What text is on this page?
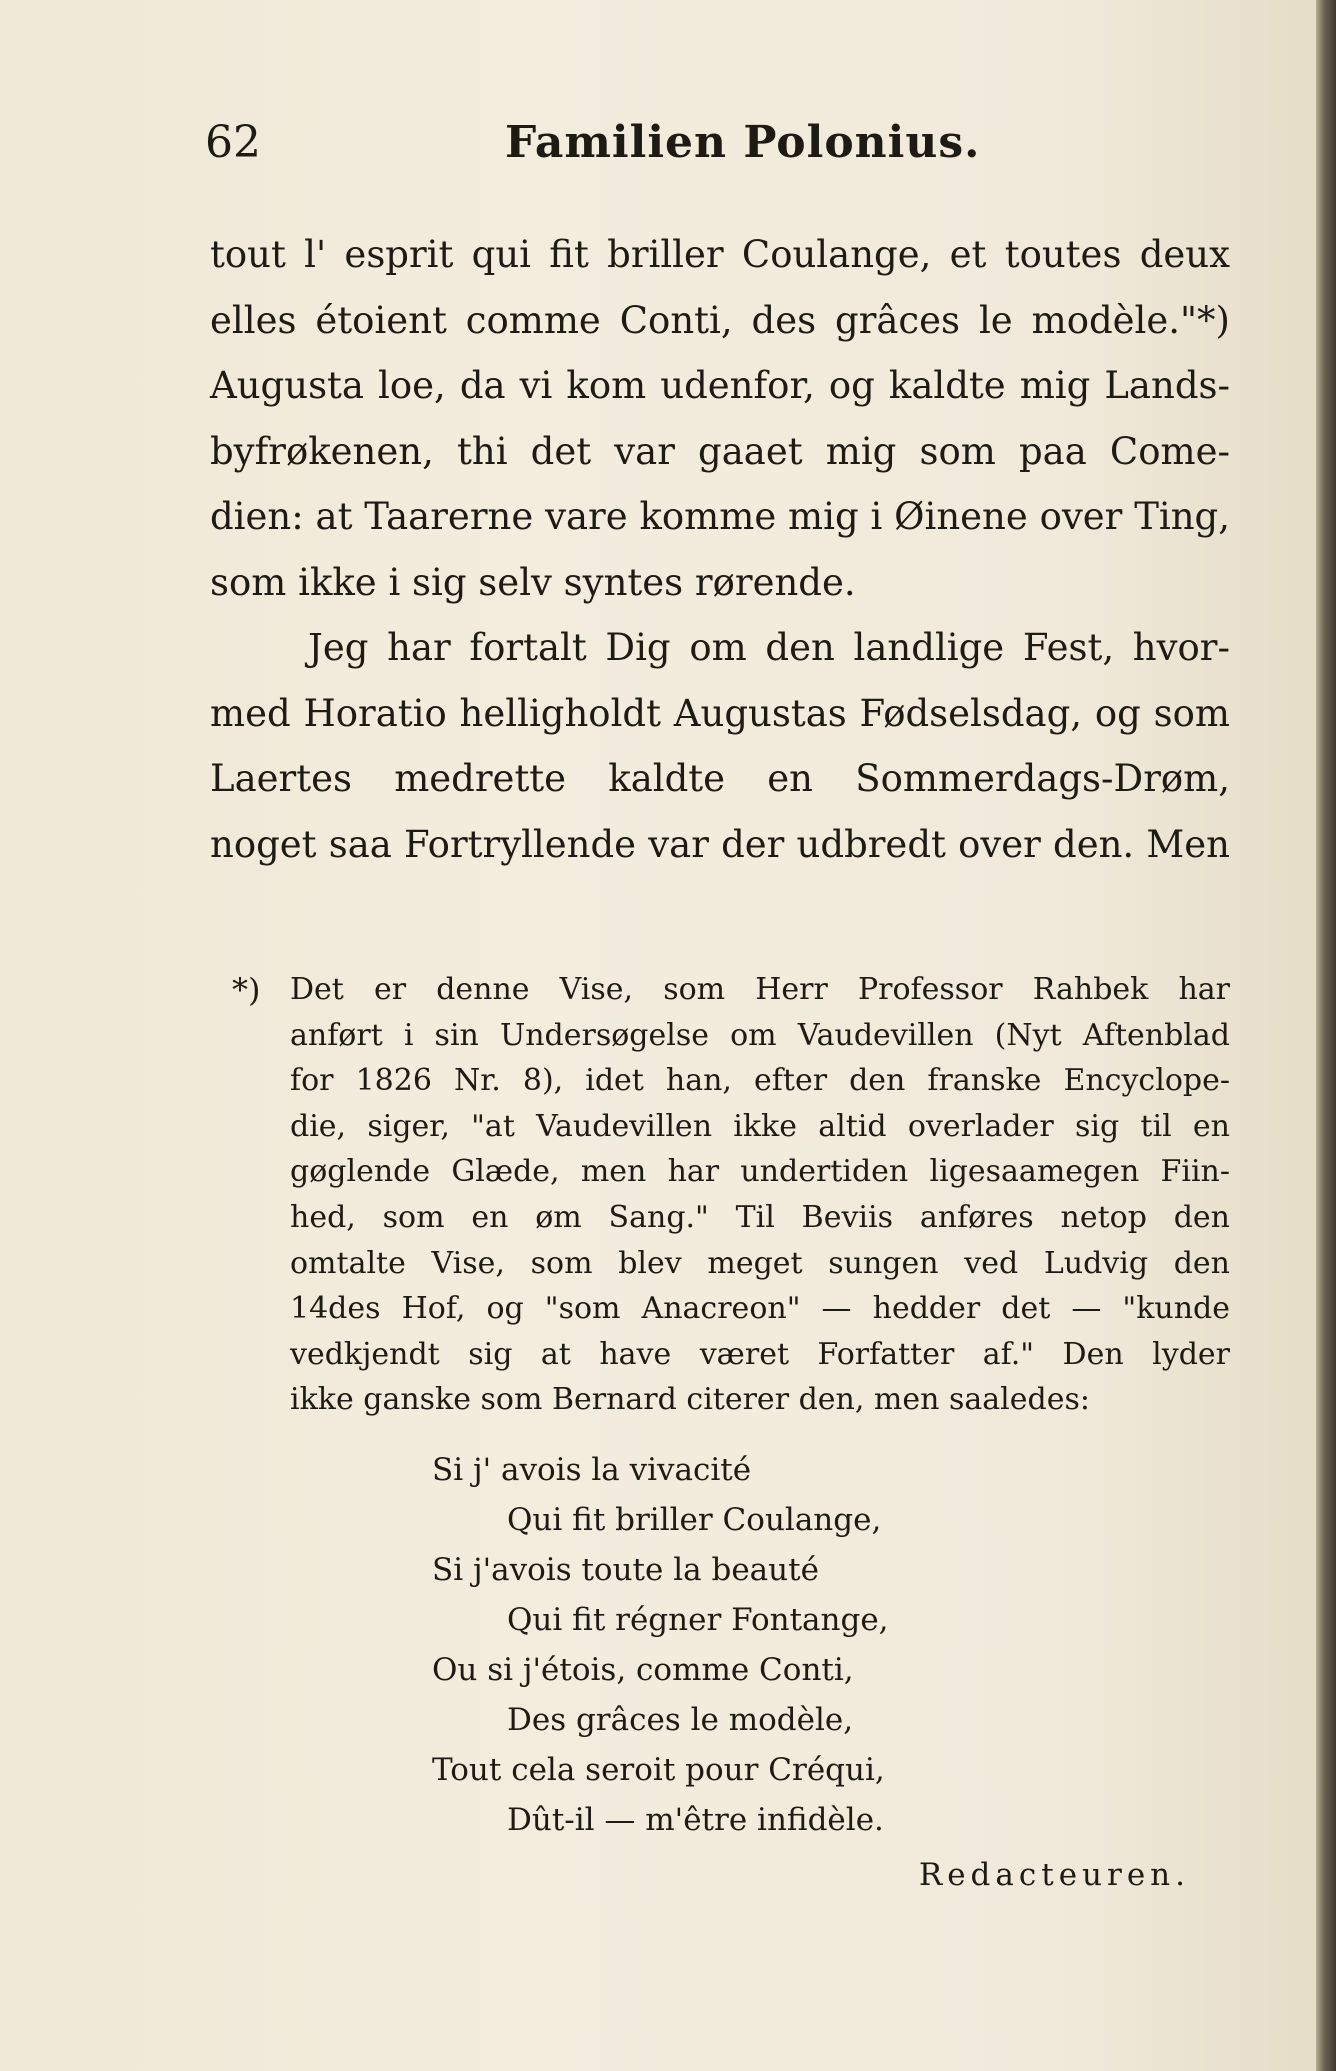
62	Familien Polonius.
tout l' esprit qui fit briller Coulange, et toutes deux
elles étoient comme Conti, des grâces le modèle."*)
Augusta loe, da vi kom udenfor, og kaldte mig Lands-
byfrøkenen, thi det var gaaet mig som paa Come-
dien: at Taarerne vare komme mig i Øinene over Ting,
som ikke i sig selv syntes rørende.
Jeg har fortalt Dig om den landlige Fest, hvor-
med Horatio helligholdt Augustas Fødselsdag, og som
Laertes medrette kaldte en Sommerdags-Drøm,
noget saa Fortryllende var der udbredt over den. Men
*) Det er denne Vise, som Herr Professor Rahbek har
anført i sin Undersøgelse om Vaudevillen (Nyt Aftenblad
for 1826 Nr. 8), idet han, efter den franske Encyclope-
die, siger, "at Vaudevillen ikke altid overlader sig til en
gøglende Glæde, men har undertiden ligesaamegen Fiin-
hed, som en øm Sang." Til Beviis anføres netop den
omtalte Vise, som blev meget sungen ved Ludvig den
14des Hof, og "som Anacreon" — hedder det — "kunde
vedkjendt sig at have været Forfatter af." Den lyder
ikke ganske som Bernard citerer den, men saaledes:
Si j' avois la vivacité
Qui fit briller Coulange,
Si j'avois toute la beauté
Qui fit régner Fontange,
Ou si j'étois, comme Conti,
Des grâces le modèle,
Tout cela seroit pour Créqui,
Dût-il — m'être infidèle.
Redacteuren.
